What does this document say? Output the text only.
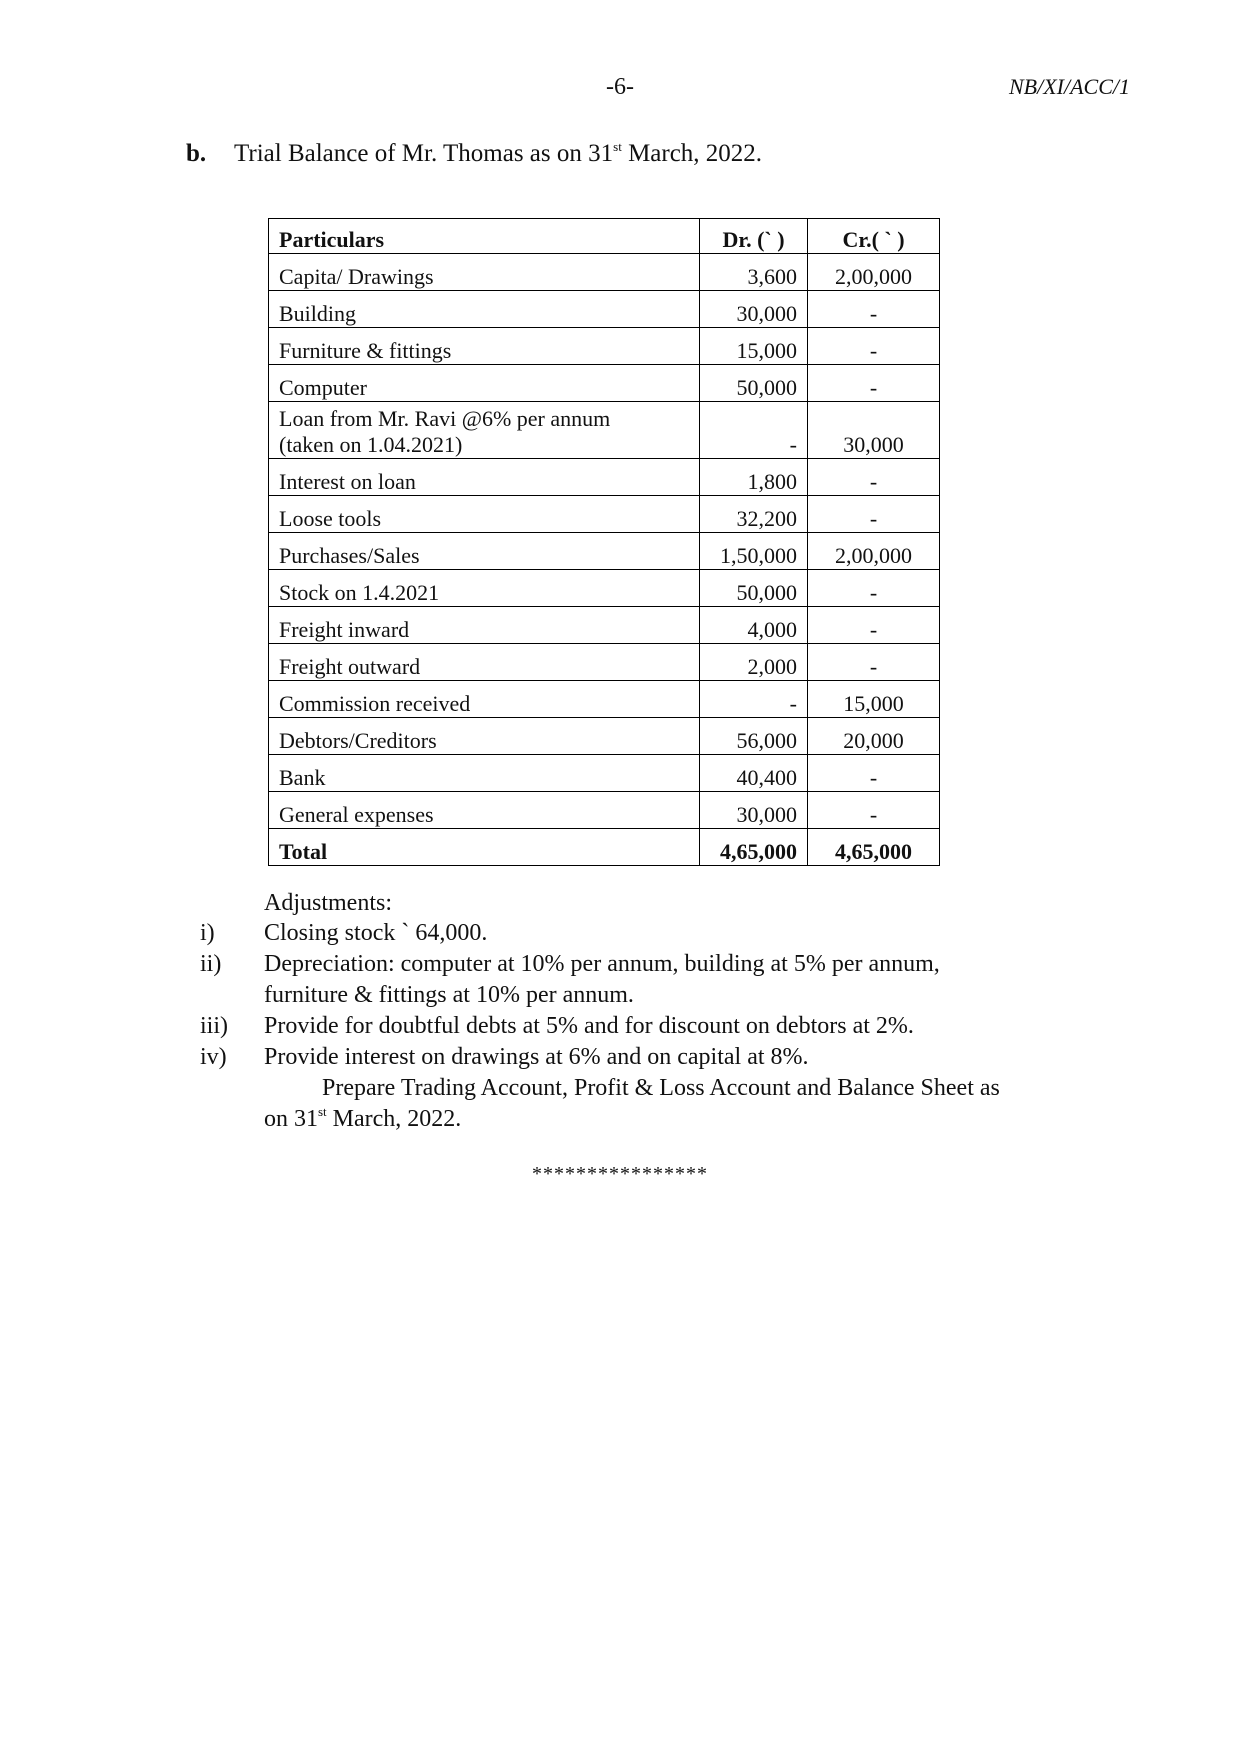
-6-	NB/XI/ACC/1
b. Trial Balance of Mr. Thomas as on 31st March, 2022.
Particulars	Dr. (` )	Cr.( ` )
Capita/ Drawings	3,600	2,00,000
Building	30,000	-
Furniture & fittings	15,000	-
Computer	50,000	-

Loan from Mr. Ravi @6% per annum
(taken on 1.04.2021)	-	30,000
Interest on loan	1,800	-
Loose tools	32,200	-
Purchases/Sales	1,50,000	2,00,000
Stock on 1.4.2021	50,000	-
Freight inward	4,000	-
Freight outward	2,000	-
Commission received	-	15,000
Debtors/Creditors	56,000	20,000
Bank	40,400	-
General expenses	30,000	-
Total	4,65,000	4,65,000
Adjustments:
i)	Closing stock ` 64,000.
ii)	Depreciation: computer at 10% per annum, building at 5% per annum,
furniture & fittings at 10% per annum.
iii)	Provide for doubtful debts at 5% and for discount on debtors at 2%.
iv)	Provide interest on drawings at 6% and on capital at 8%.
Prepare Trading Account, Profit & Loss Account and Balance Sheet as
on 31st March, 2022.
****************
